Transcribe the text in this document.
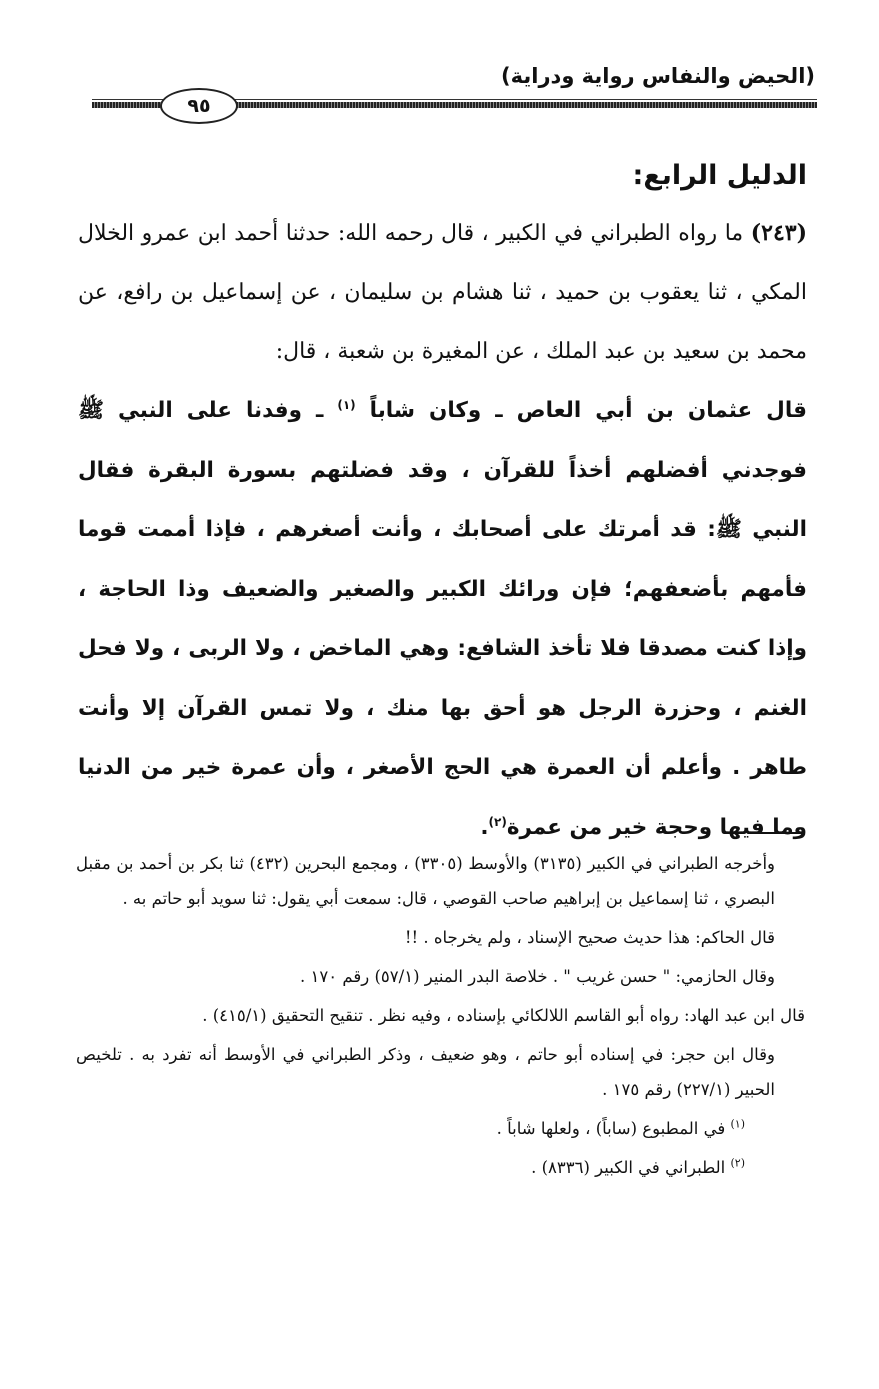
(الحيض والنفاس رواية ودراية)
٩٥

الدليل الرابع:

(٢٤٣) ما رواه الطبراني في الكبير ، قال رحمه الله: حدثنا أحمد ابن عمرو الخلال المكي ، ثنا يعقوب بن حميد ، ثنا هشام بن سليمان ، عن إسماعيل بن رافع، عن محمد بن سعيد بن عبد الملك ، عن المغيرة بن شعبة ، قال:

قال عثمان بن أبي العاص ـ وكان شاباً $^{(١)}$ ـ وفدنا على النبي ﷺ فوجدني أفضلهم أخذاً للقرآن ، وقد فضلتهم بسورة البقرة فقال النبي ﷺ: قد أمرتك على أصحابك ، وأنت أصغرهم ، فإذا أممت قوما فأمهم بأضعفهم؛ فإن ورائك الكبير والصغير والضعيف وذا الحاجة ، وإذا كنت مصدقا فلا تأخذ الشافع: وهي الماخض ، ولا الربى ، ولا فحل الغنم ، وحزرة الرجل هو أحق بها منك ، ولا تمس القرآن إلا وأنت طاهر . وأعلم أن العمرة هي الحج الأصغر ، وأن عمرة خير من الدنيا وما فيها وحجة خير من عمرة$^{(٢)}$.

وأخرجه الطبراني في الكبير (٣١٣٥) والأوسط (٣٣٠٥) ، ومجمع البحرين (٤٣٢) ثنا بكر بن أحمد بن مقبل البصري ، ثنا إسماعيل بن إبراهيم صاحب القوصي ، قال: سمعت أبي يقول: ثنا سويد أبو حاتم به .

قال الحاكم: هذا حديث صحيح الإسناد ، ولم يخرجاه . !!

وقال الحازمي: " حسن غريب " . خلاصة البدر المنير (٥٧/١) رقم ١٧٠ .

قال ابن عبد الهاد: رواه أبو القاسم اللالكائي بإسناده ، وفيه نظر . تنقيح التحقيق (٤١٥/١) .

وقال ابن حجر: في إسناده أبو حاتم ، وهو ضعيف ، وذكر الطبراني في الأوسط أنه تفرد به . تلخيص الحبير (٢٢٧/١) رقم ١٧٥ .

$^{(١)}$ في المطبوع (ساباً) ، ولعلها شاباً .

$^{(٢)}$ الطبراني في الكبير (٨٣٣٦) .
